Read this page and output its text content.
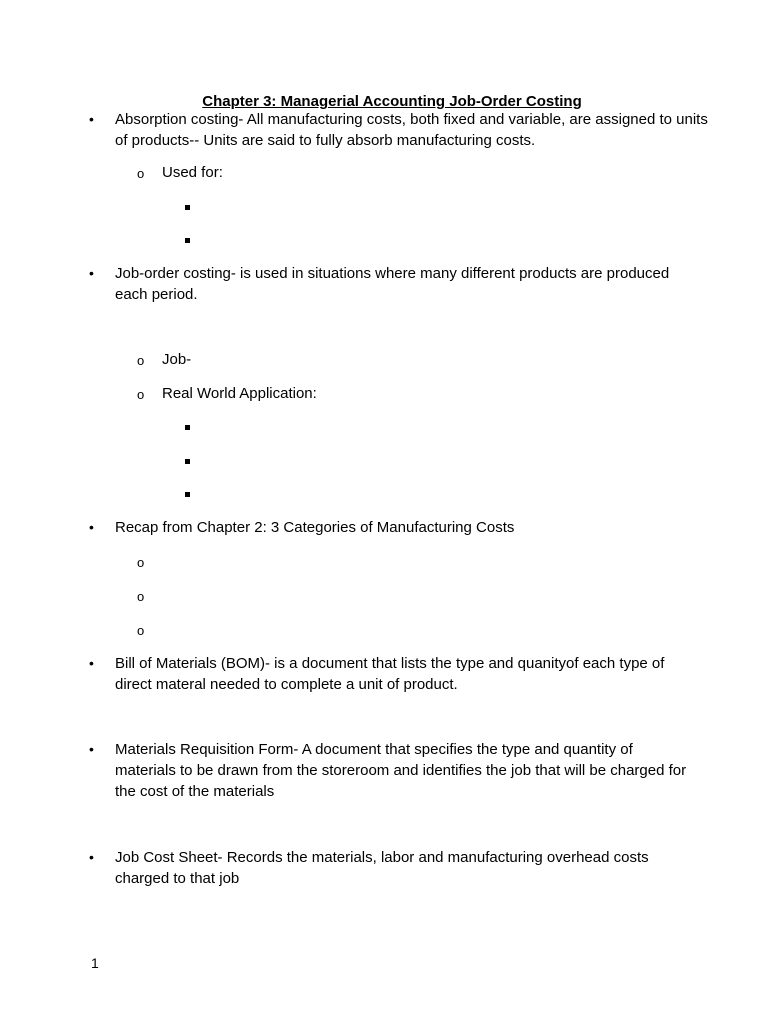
Chapter 3: Managerial Accounting Job-Order Costing
• Absorption costing- All manufacturing costs, both fixed and variable, are assigned to units of products-- Units are said to fully absorb manufacturing costs.
o Used for:
• Job-order costing- is used in situations where many different products are produced each period.
o Job-
o Real World Application:
• Recap from Chapter 2: 3 Categories of Manufacturing Costs
o
o
o
• Bill of Materials (BOM)- is a document that lists the type and quanityof each type of direct materal needed to complete a unit of product.
• Materials Requisition Form- A document that specifies the type and quantity of materials to be drawn from the storeroom and identifies the job that will be charged for the cost of the materials
• Job Cost Sheet- Records the materials, labor and manufacturing overhead costs charged to that job
1
